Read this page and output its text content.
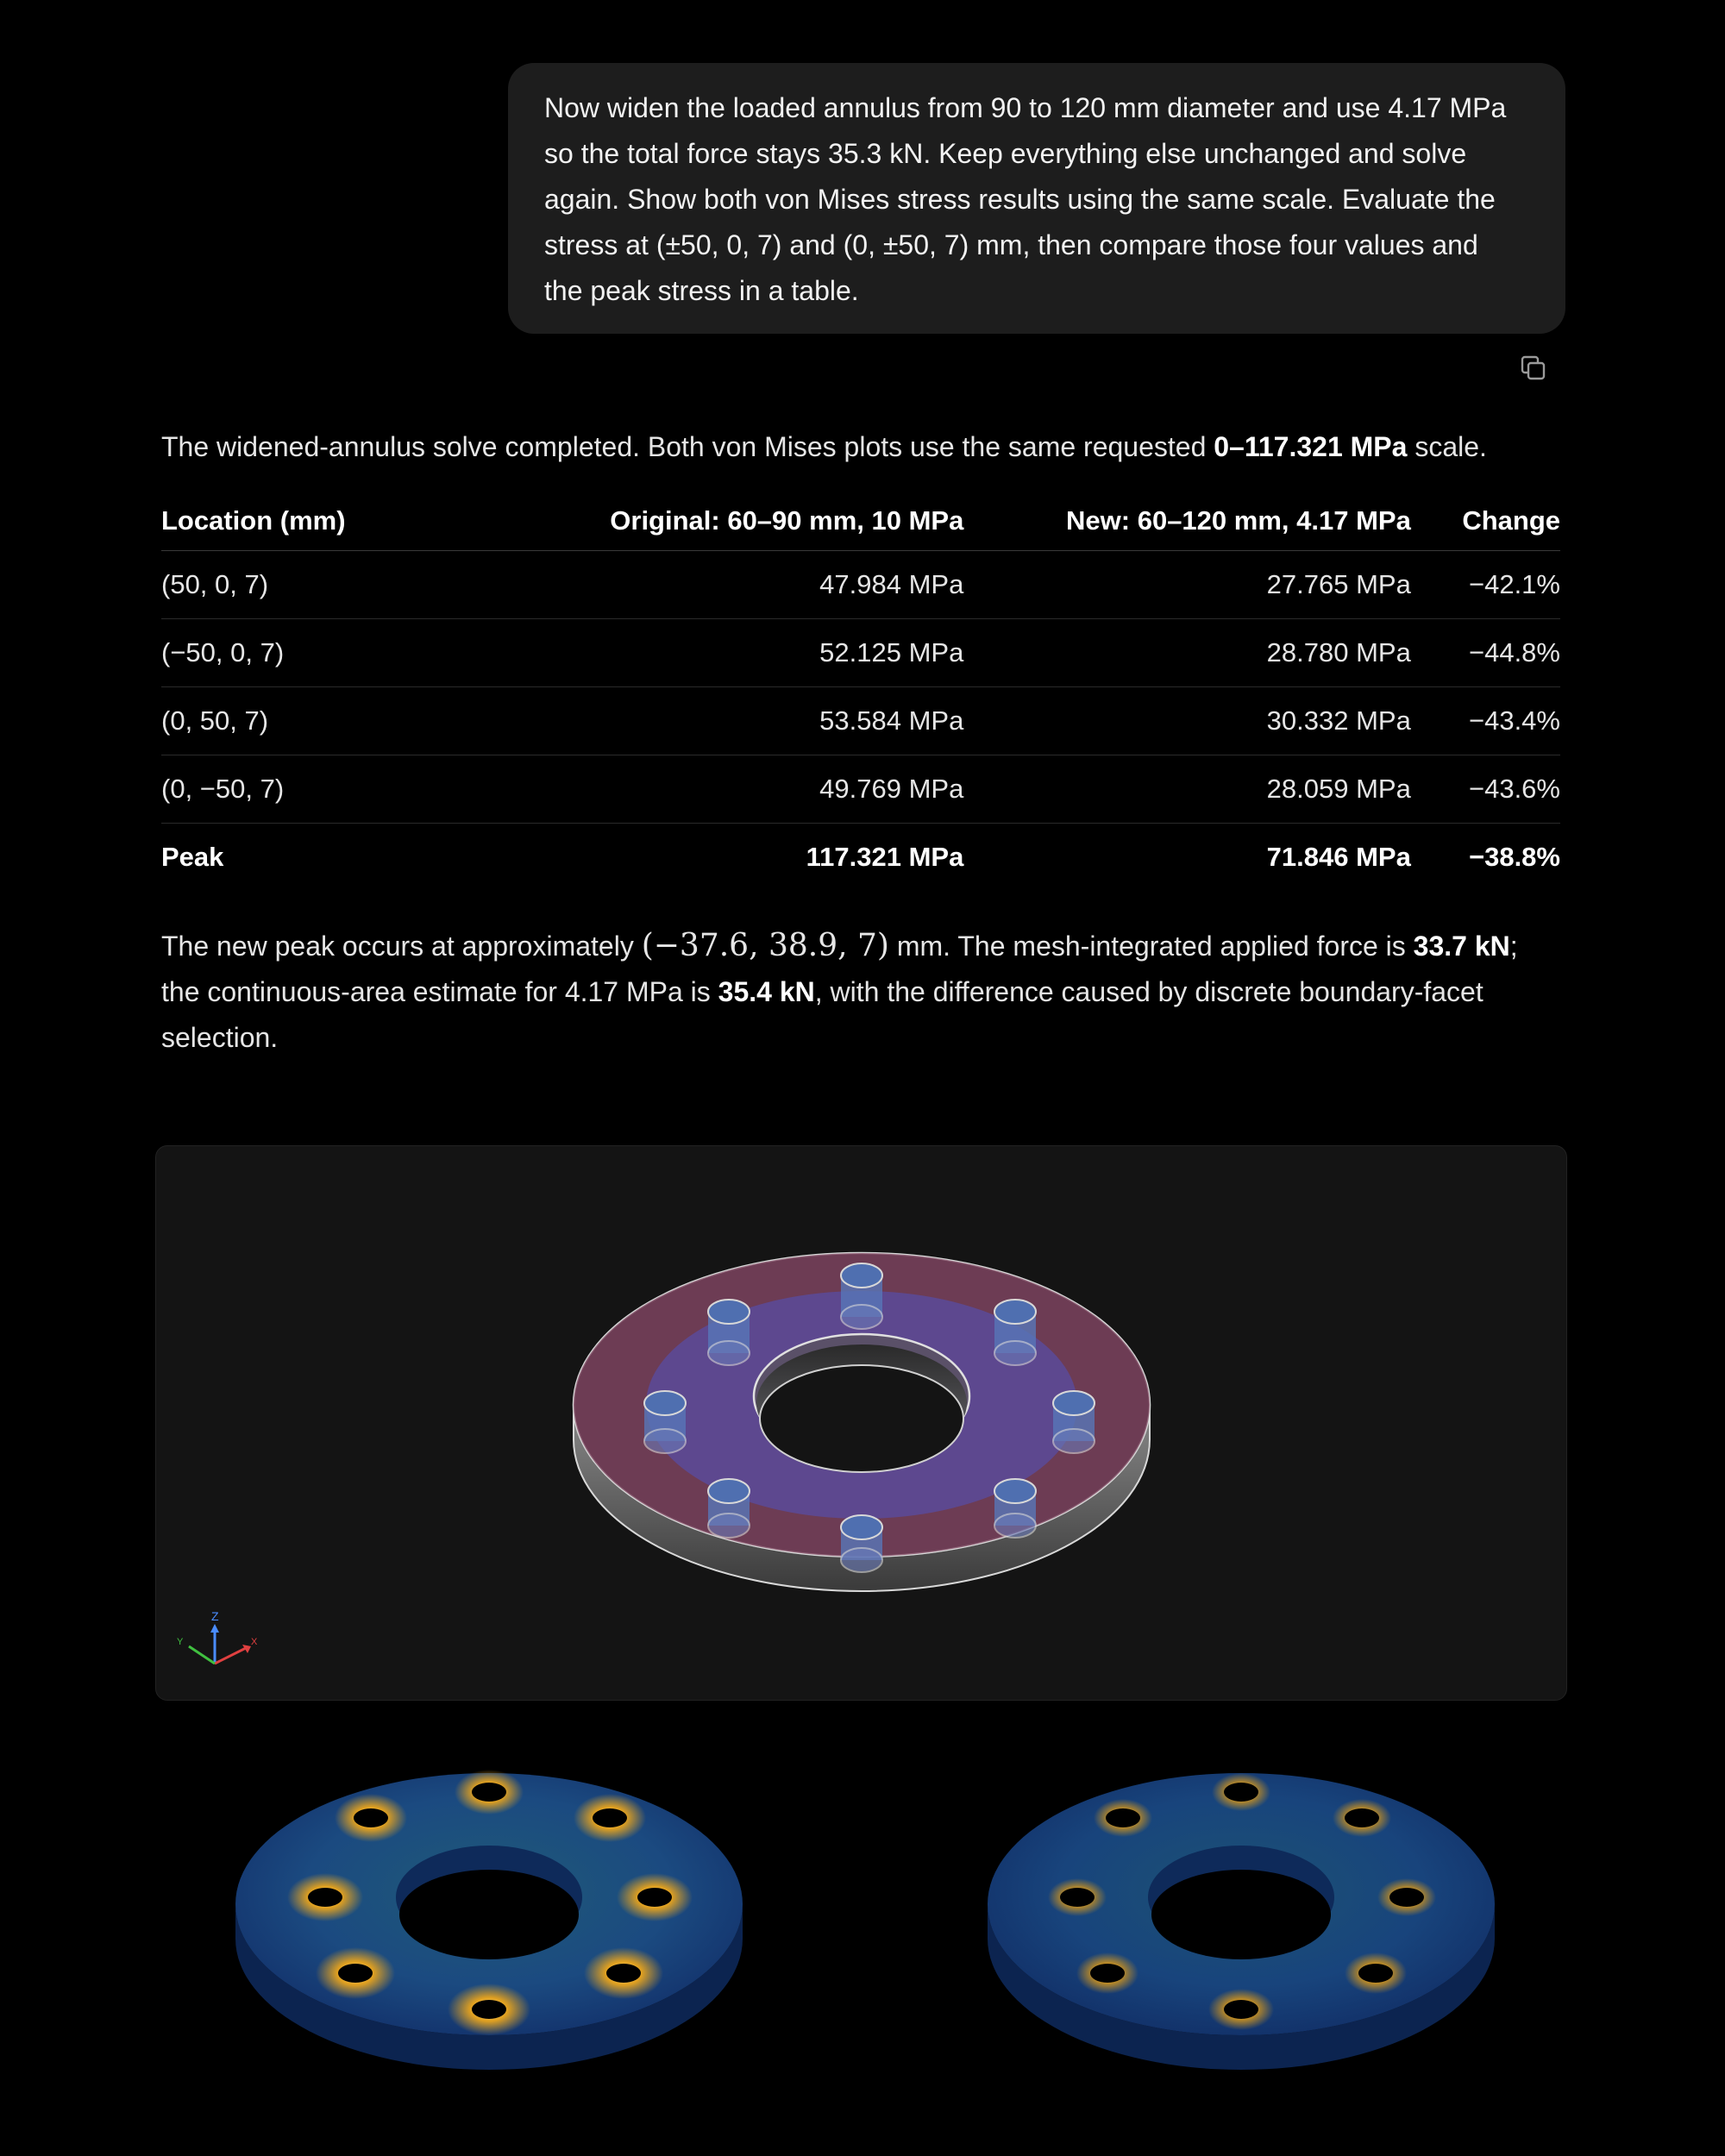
Now widen the loaded annulus from 90 to 120 mm diameter and use 4.17 MPa
so the total force stays 35.3 kN. Keep everything else unchanged and solve
again. Show both von Mises stress results using the same scale. Evaluate the
stress at (±50, 0, 7) and (0, ±50, 7) mm, then compare those four values and
the peak stress in a table.
The widened-annulus solve completed. Both von Mises plots use the same requested 0–117.321 MPa scale.
Location (mm)	Original: 60–90 mm, 10 MPa	New: 60–120 mm, 4.17 MPa	Change
(50, 0, 7)	47.984 MPa	27.765 MPa	−42.1%
(−50, 0, 7)	52.125 MPa	28.780 MPa	−44.8%
(0, 50, 7)	53.584 MPa	30.332 MPa	−43.4%
(0, −50, 7)	49.769 MPa	28.059 MPa	−43.6%
Peak	117.321 MPa	71.846 MPa	−38.8%
The new peak occurs at approximately (−37.6, 38.9, 7) mm. The mesh-integrated applied force is 33.7 kN;
the continuous-area estimate for 4.17 MPa is 35.4 kN, with the difference caused by discrete boundary-facet
selection.
Z
Y	X
